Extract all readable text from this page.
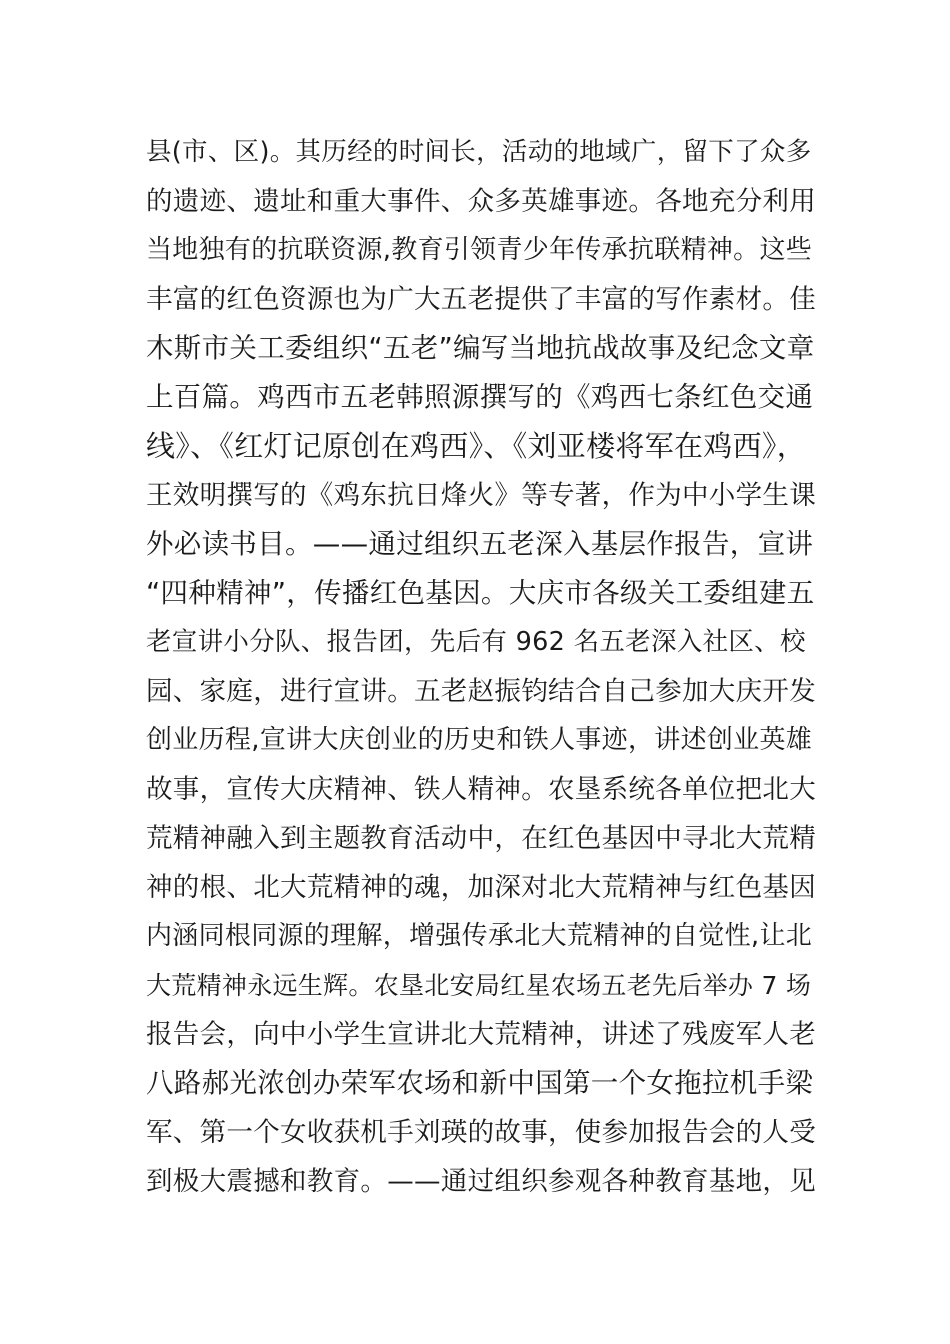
县(市、区)。其历经的时间长，活动的地域广，留下了众多
的遗迹、遗址和重大事件、众多英雄事迹。各地充分利用
当地独有的抗联资源,教育引领青少年传承抗联精神。这些
丰富的红色资源也为广大五老提供了丰富的写作素材。佳
木斯市关工委组织“五老”编写当地抗战故事及纪念文章
上百篇。鸡西市五老韩照源撰写的《鸡西七条红色交通
线》、《红灯记原创在鸡西》、《刘亚楼将军在鸡西》，
王效明撰写的《鸡东抗日烽火》等专著，作为中小学生课
外必读书目。——通过组织五老深入基层作报告，宣讲
“四种精神”，传播红色基因。大庆市各级关工委组建五
老宣讲小分队、报告团，先后有 962 名五老深入社区、校
园、家庭，进行宣讲。五老赵振钧结合自己参加大庆开发
创业历程,宣讲大庆创业的历史和铁人事迹，讲述创业英雄
故事，宣传大庆精神、铁人精神。农垦系统各单位把北大
荒精神融入到主题教育活动中，在红色基因中寻北大荒精
神的根、北大荒精神的魂，加深对北大荒精神与红色基因
内涵同根同源的理解，增强传承北大荒精神的自觉性,让北
大荒精神永远生辉。农垦北安局红星农场五老先后举办 7 场
报告会，向中小学生宣讲北大荒精神，讲述了残废军人老
八路郝光浓创办荣军农场和新中国第一个女拖拉机手梁
军、第一个女收获机手刘瑛的故事，使参加报告会的人受
到极大震撼和教育。——通过组织参观各种教育基地，见
